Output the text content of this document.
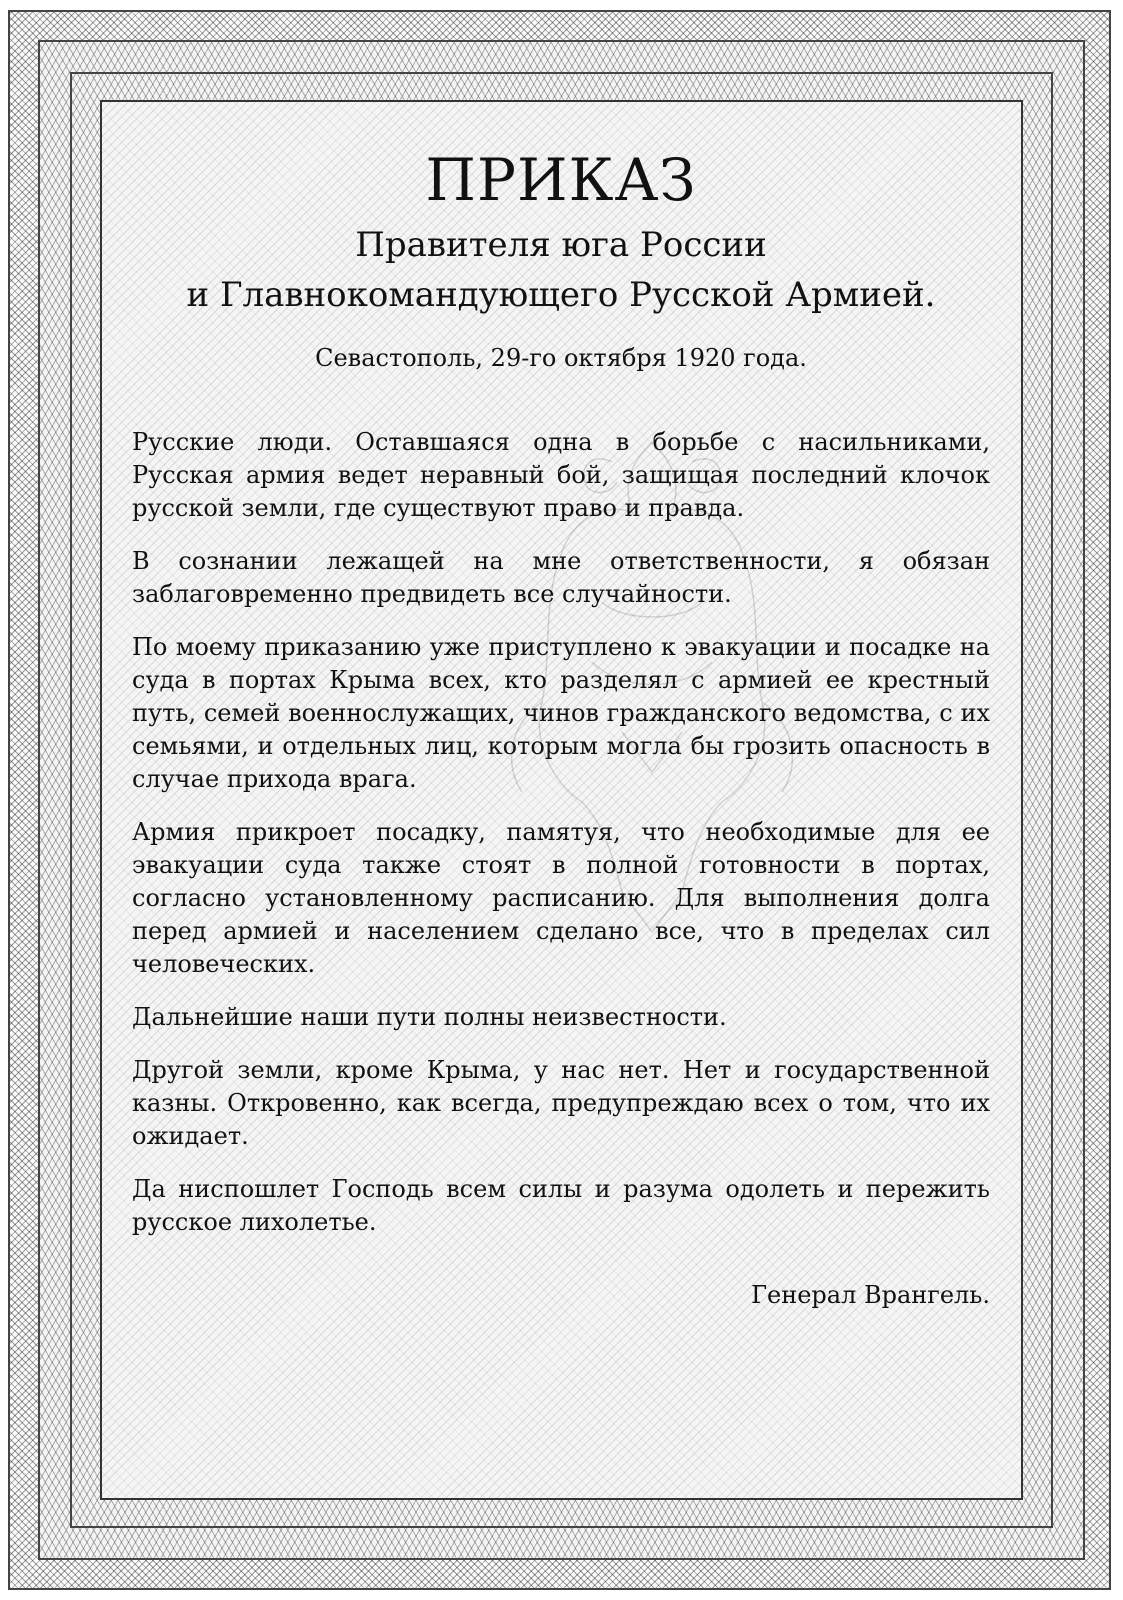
ПРИКАЗ

Правителя юга России

и Главнокомандующего Русской Армией.

Севастополь, 29-го октября 1920 года.

Русские люди. Оставшаяся одна в борьбе с насильниками, Русская армия ведет неравный бой, защищая последний клочок русской земли, где существуют право и правда.

В сознании лежащей на мне ответственности, я обязан заблаговременно предвидеть все случайности.

По моему приказанию уже приступлено к эвакуации и посадке на суда в портах Крыма всех, кто разделял с армией ее крестный путь, семей военнослужащих, чинов гражданского ведомства, с их семьями, и отдельных лиц, которым могла бы грозить опасность в случае прихода врага.

Армия прикроет посадку, памятуя, что необходимые для ее эвакуации суда также стоят в полной готовности в портах, согласно установленному расписанию. Для выполнения долга перед армией и населением сделано все, что в пределах сил человеческих.

Дальнейшие наши пути полны неизвестности.

Другой земли, кроме Крыма, у нас нет. Нет и государственной казны. Откровенно, как всегда, предупреждаю всех о том, что их ожидает.

Да ниспошлет Господь всем силы и разума одолеть и пережить русское лихолетье.

Генерал Врангель.
